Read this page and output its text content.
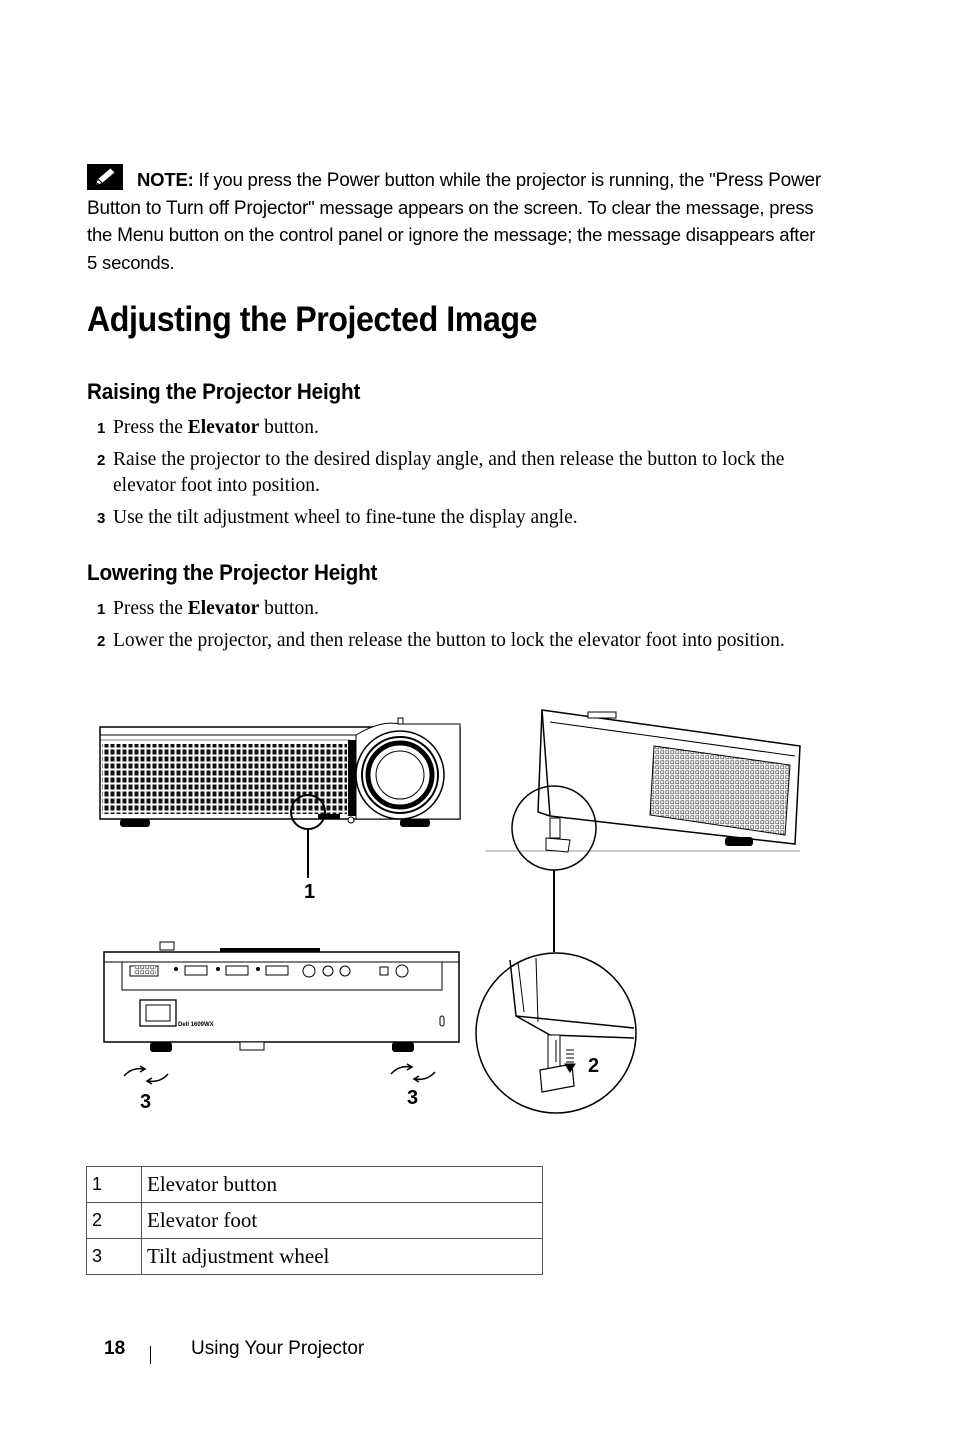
NOTE: If you press the Power button while the projector is running, the "Press Power Button to Turn off Projector" message appears on the screen. To clear the message, press the Menu button on the control panel or ignore the message; the message disappears after 5 seconds.
Adjusting the Projected Image
Raising the Projector Height
1 Press the Elevator button.
2 Raise the projector to the desired display angle, and then release the button to lock the elevator foot into position.
3 Use the tilt adjustment wheel to fine-tune the display angle.
Lowering the Projector Height
1 Press the Elevator button.
2 Lower the projector, and then release the button to lock the elevator foot into position.
1
Dell 1609WX
3	3
2
1	Elevator button
2	Elevator foot
3	Tilt adjustment wheel
18	Using Your Projector
